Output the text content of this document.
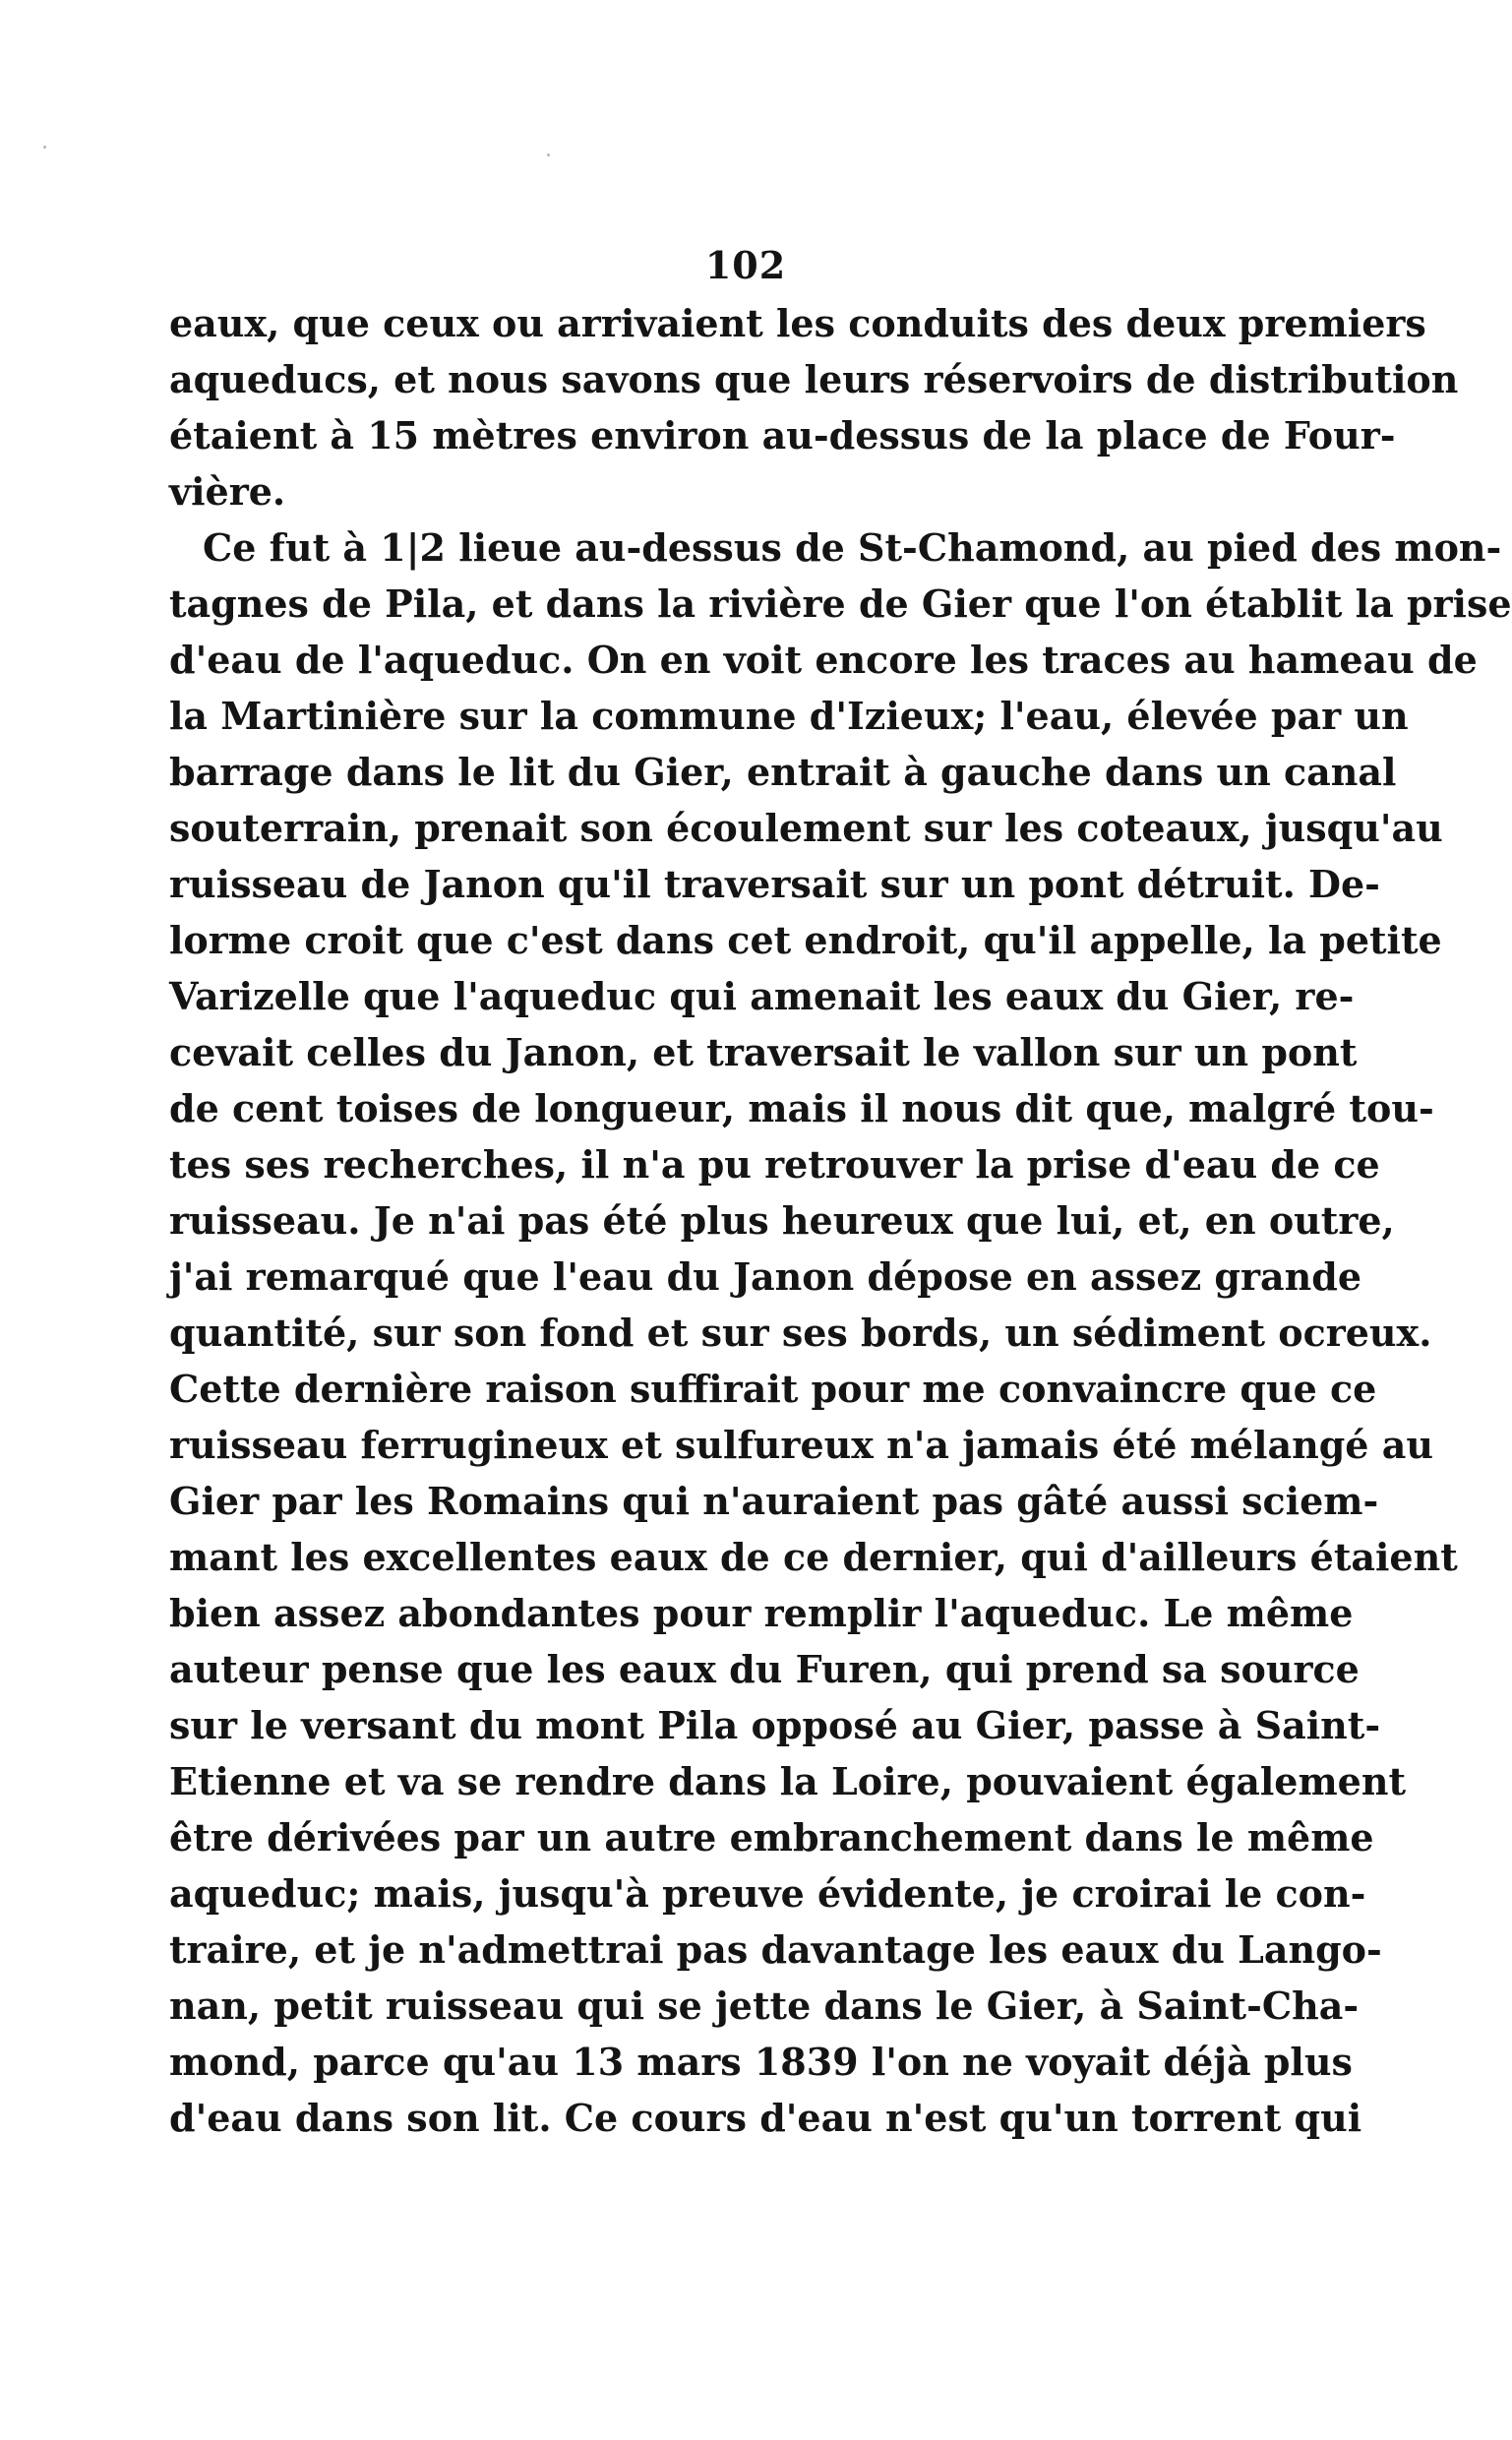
102
eaux, que ceux ou arrivaient les conduits des deux premiers
aqueducs, et nous savons que leurs réservoirs de distribution
étaient à 15 mètres environ au-dessus de la place de Four-
vière.
Ce fut à 1|2 lieue au-dessus de St-Chamond, au pied des mon-
tagnes de Pila, et dans la rivière de Gier que l'on établit la prise
d'eau de l'aqueduc. On en voit encore les traces au hameau de
la Martinière sur la commune d'Izieux; l'eau, élevée par un
barrage dans le lit du Gier, entrait à gauche dans un canal
souterrain, prenait son écoulement sur les coteaux, jusqu'au
ruisseau de Janon qu'il traversait sur un pont détruit. De-
lorme croit que c'est dans cet endroit, qu'il appelle, la petite
Varizelle que l'aqueduc qui amenait les eaux du Gier, re-
cevait celles du Janon, et traversait le vallon sur un pont
de cent toises de longueur, mais il nous dit que, malgré tou-
tes ses recherches, il n'a pu retrouver la prise d'eau de ce
ruisseau. Je n'ai pas été plus heureux que lui, et, en outre,
j'ai remarqué que l'eau du Janon dépose en assez grande
quantité, sur son fond et sur ses bords, un sédiment ocreux.
Cette dernière raison suffirait pour me convaincre que ce
ruisseau ferrugineux et sulfureux n'a jamais été mélangé au
Gier par les Romains qui n'auraient pas gâté aussi sciem-
mant les excellentes eaux de ce dernier, qui d'ailleurs étaient
bien assez abondantes pour remplir l'aqueduc. Le même
auteur pense que les eaux du Furen, qui prend sa source
sur le versant du mont Pila opposé au Gier, passe à Saint-
Etienne et va se rendre dans la Loire, pouvaient également
être dérivées par un autre embranchement dans le même
aqueduc; mais, jusqu'à preuve évidente, je croirai le con-
traire, et je n'admettrai pas davantage les eaux du Lango-
nan, petit ruisseau qui se jette dans le Gier, à Saint-Cha-
mond, parce qu'au 13 mars 1839 l'on ne voyait déjà plus
d'eau dans son lit. Ce cours d'eau n'est qu'un torrent qui
